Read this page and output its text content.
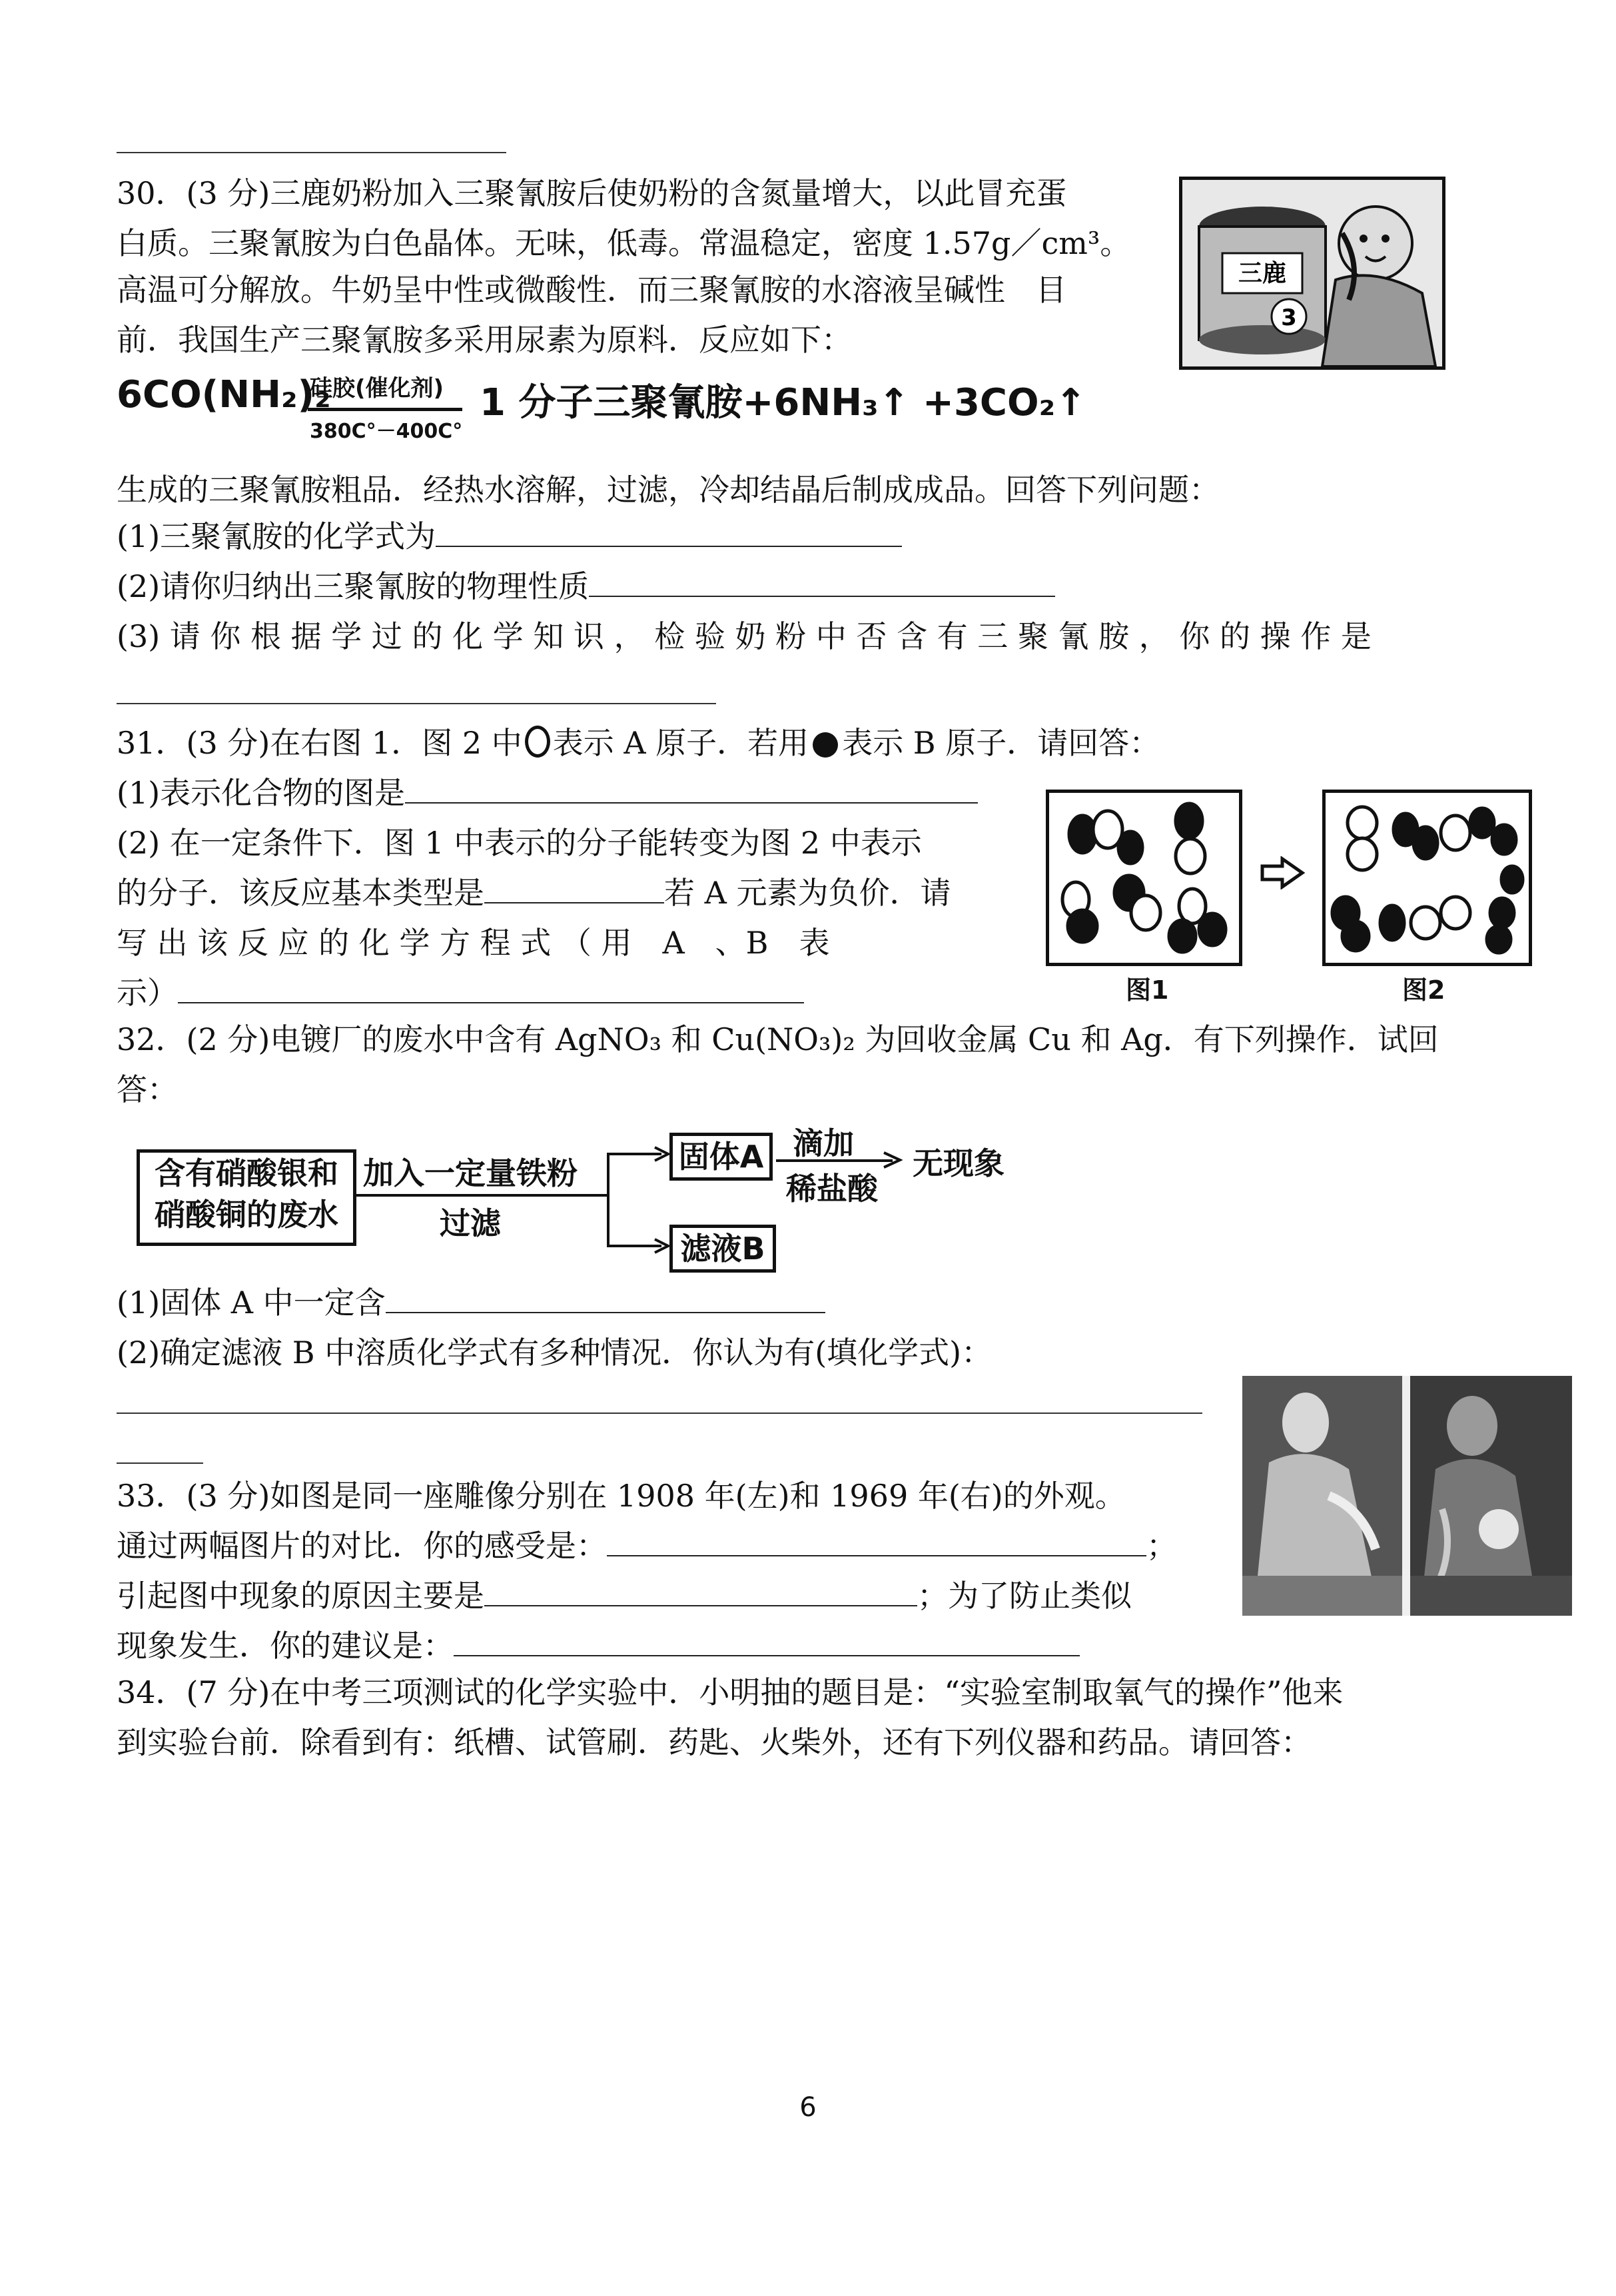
30．(3 分)三鹿奶粉加入三聚氰胺后使奶粉的含氮量增大，以此冒充蛋
白质。三聚氰胺为白色晶体。无味，低毒。常温稳定，密度 1.57g／cm³。
高温可分解放。牛奶呈中性或微酸性．而三聚氰胺的水溶液呈碱性　目
前．我国生产三聚氰胺多采用尿素为原料．反应如下：
三鹿
3
6CO(NH₂)₂
硅胶(催化剂)
380C°－400C°
1 分子三聚氰胺+6NH₃↑ +3CO₂↑
生成的三聚氰胺粗品．经热水溶解，过滤，冷却结晶后制成成品。回答下列问题：
(1)三聚氰胺的化学式为
(2)请你归纳出三聚氰胺的物理性质
(3) 请 你 根 据 学 过 的 化 学 知 识 ， 检 验 奶 粉 中 否 含 有 三 聚 氰 胺 ， 你 的 操 作 是
31．(3 分)在右图 1．图 2 中 表示 A 原子．若用 表示 B 原子．请回答：
(1)表示化合物的图是
(2) 在一定条件下．图 1 中表示的分子能转变为图 2 中表示
的分子．该反应基本类型是	若 A 元素为负价．请
写 出 该 反 应 的 化 学 方 程 式 （ 用　A　、B　表
示）	图1	图2
32．(2 分)电镀厂的废水中含有 AgNO₃ 和 Cu(NO₃)₂ 为回收金属 Cu 和 Ag．有下列操作．试回
答：
含有硝酸银和
硝酸铜的废水
加入一定量铁粉
过滤
固体A
滤液B
滴加
稀盐酸
无现象
(1)固体 A 中一定含
(2)确定滤液 B 中溶质化学式有多种情况．你认为有(填化学式)：
33．(3 分)如图是同一座雕像分别在 1908 年(左)和 1969 年(右)的外观。
通过两幅图片的对比．你的感受是：	；
引起图中现象的原因主要是	；为了防止类似
现象发生．你的建议是：
34．(7 分)在中考三项测试的化学实验中．小明抽的题目是：“实验室制取氧气的操作”他来
到实验台前．除看到有：纸槽、试管刷．药匙、火柴外，还有下列仪器和药品。请回答：
6
